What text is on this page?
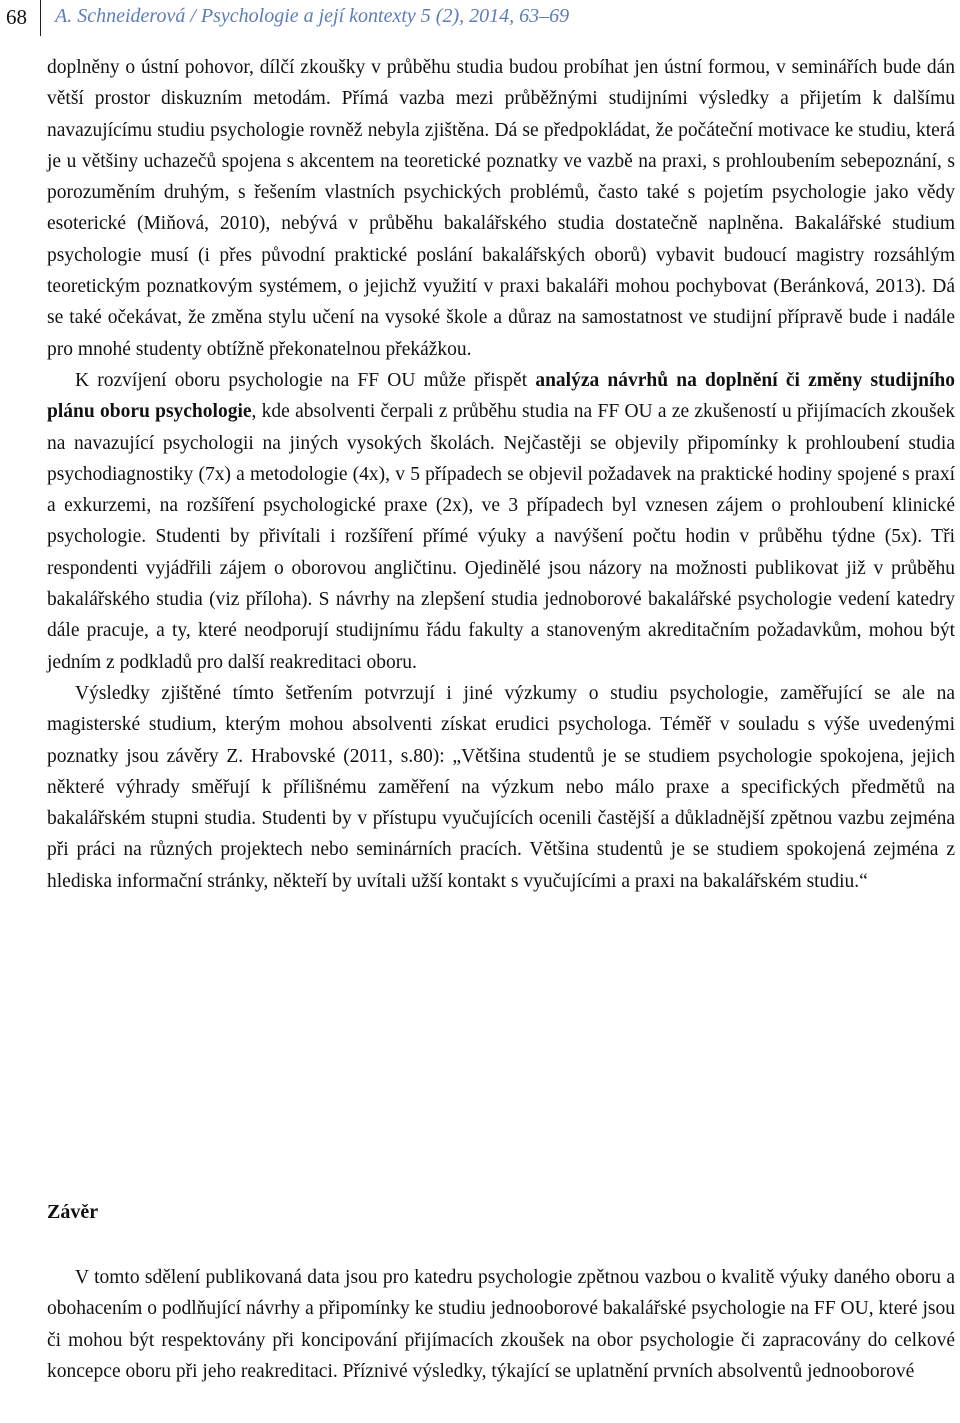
68 A. Schneiderová / Psychologie a její kontexty 5 (2), 2014, 63–69

doplněny o ústní pohovor, dílčí zkoušky v průběhu studia budou probíhat jen ústní formou, v seminářích bude dán větší prostor diskuzním metodám. Přímá vazba mezi průběžnými studijními výsledky a přijetím k dalšímu navazujícímu studiu psychologie rovněž nebyla zjištěna. Dá se předpokládat, že počáteční motivace ke studiu, která je u většiny uchazečů spojena s akcentem na teoretické poznatky ve vazbě na praxi, s prohloubením sebepoznání, s porozuměním druhým, s řešením vlastních psychických problémů, často také s pojetím psychologie jako vědy esoterické (Miňová, 2010), nebývá v průběhu bakalářského studia dostatečně naplněna. Bakalářské studium psychologie musí (i přes původní praktické poslání bakalářských oborů) vybavit budoucí magistry rozsáhlým teoretickým poznatkovým systémem, o jejichž využití v praxi bakaláři mohou pochybovat (Beránková, 2013). Dá se také očekávat, že změna stylu učení na vysoké škole a důraz na samostatnost ve studijní přípravě bude i nadále pro mnohé studenty obtížně překonatelnou překážkou.

K rozvíjení oboru psychologie na FF OU může přispět analýza návrhů na doplnění či změny studijního plánu oboru psychologie, kde absolventi čerpali z průběhu studia na FF OU a ze zkušeností u přijímacích zkoušek na navazující psychologii na jiných vysokých školách. Nejčastěji se objevily připomínky k prohloubení studia psychodiagnostiky (7x) a metodologie (4x), v 5 případech se objevil požadavek na praktické hodiny spojené s praxí a exkurzemi, na rozšíření psychologické praxe (2x), ve 3 případech byl vznesen zájem o prohloubení klinické psychologie. Studenti by přivítali i rozšíření přímé výuky a navýšení počtu hodin v průběhu týdne (5x). Tři respondenti vyjádřili zájem o oborovou angličtinu. Ojedinělé jsou názory na možnosti publikovat již v průběhu bakalářského studia (viz příloha). S návrhy na zlepšení studia jednoborové bakalářské psychologie vedení katedry dále pracuje, a ty, které neodporují studijnímu řádu fakulty a stanoveným akreditačním požadavkům, mohou být jedním z podkladů pro další reakreditaci oboru.

Výsledky zjištěné tímto šetřením potvrzují i jiné výzkumy o studiu psychologie, zaměřující se ale na magisterské studium, kterým mohou absolventi získat erudici psychologa. Téměř v souladu s výše uvedenými poznatky jsou závěry Z. Hrabovské (2011, s.80): „Většina studentů je se studiem psychologie spokojena, jejich některé výhrady směřují k přílišnému zaměření na výzkum nebo málo praxe a specifických předmětů na bakalářském stupni studia. Studenti by v přístupu vyučujících ocenili častější a důkladnější zpětnou vazbu zejména při práci na různých projektech nebo seminárních pracích. Většina studentů je se studiem spokojená zejména z hlediska informační stránky, někteří by uvítali užší kontakt s vyučujícími a praxi na bakalářském studiu.“

Závěr

V tomto sdělení publikovaná data jsou pro katedru psychologie zpětnou vazbou o kvalitě výuky daného oboru a obohacením o podlňující návrhy a připomínky ke studiu jednooborové bakalářské psychologie na FF OU, které jsou či mohou být respektovány při koncipování přijímacích zkoušek na obor psychologie či zapracovány do celkové koncepce oboru při jeho reakreditaci. Příznivé výsledky, týkající se uplatnění prvních absolventů jednooborové
